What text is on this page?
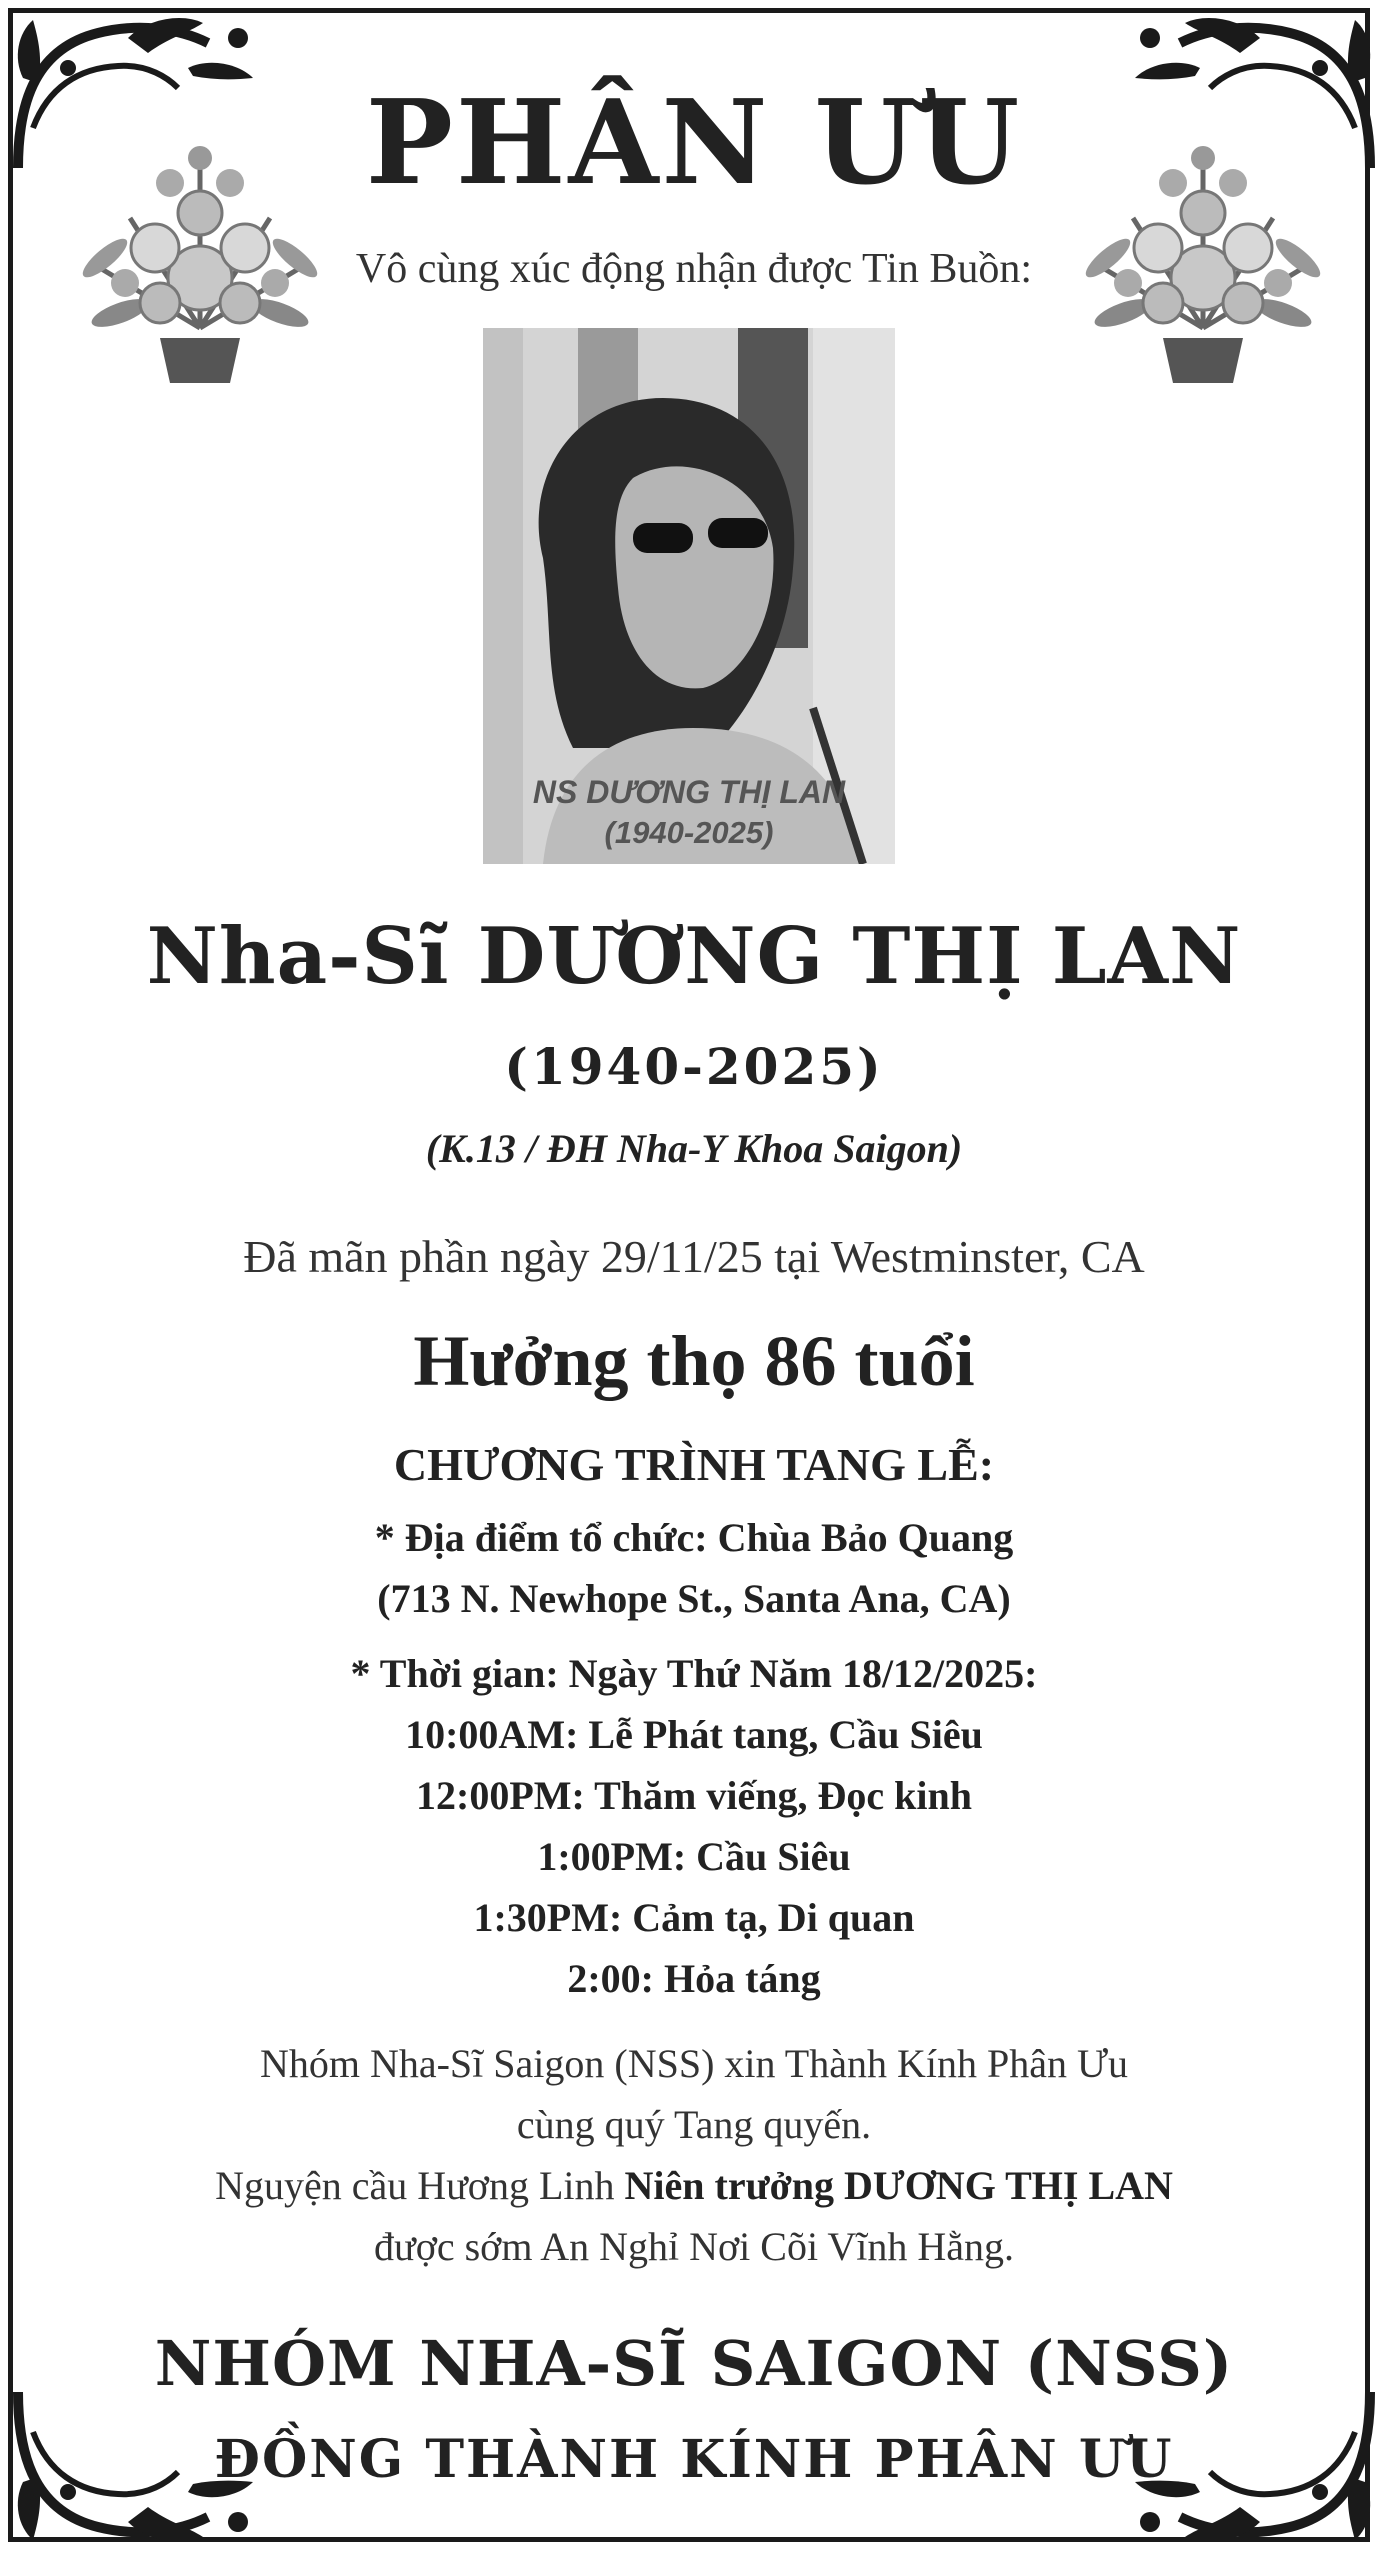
PHÂN ƯU
Vô cùng xúc động nhận được Tin Buồn:
NS DƯƠNG THỊ LAN
(1940-2025)
Nha-Sĩ DƯƠNG THỊ LAN
(1940-2025)
(K.13 / ĐH Nha-Y Khoa Saigon)
Đã mãn phần ngày 29/11/25 tại Westminster, CA
Hưởng thọ 86 tuổi
CHƯƠNG TRÌNH TANG LỄ:
* Địa điểm tổ chức: Chùa Bảo Quang
(713 N. Newhope St., Santa Ana, CA)
* Thời gian: Ngày Thứ Năm 18/12/2025:
10:00AM: Lễ Phát tang, Cầu Siêu
12:00PM: Thăm viếng, Đọc kinh
1:00PM: Cầu Siêu
1:30PM: Cảm tạ, Di quan
2:00: Hỏa táng
Nhóm Nha-Sĩ Saigon (NSS) xin Thành Kính Phân Ưu
cùng quý Tang quyến.
Nguyện cầu Hương Linh Niên trưởng DƯƠNG THỊ LAN
được sớm An Nghỉ Nơi Cõi Vĩnh Hằng.
NHÓM NHA-SĨ SAIGON (NSS)
ĐỒNG THÀNH KÍNH PHÂN ƯU
